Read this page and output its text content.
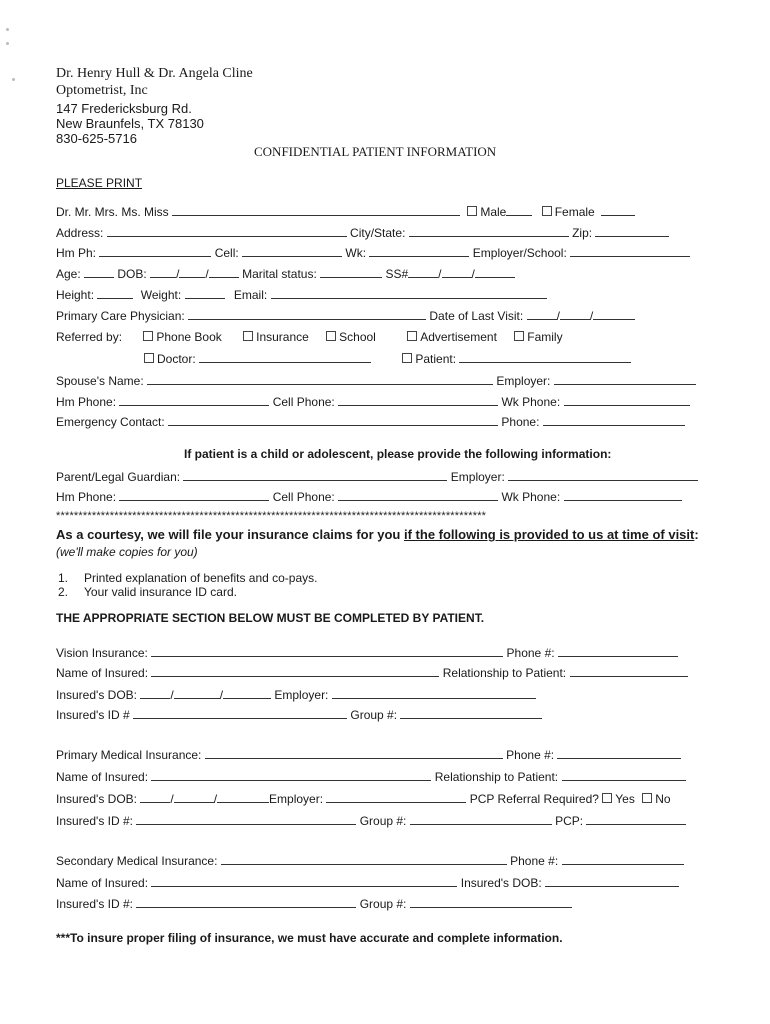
Dr. Henry Hull & Dr. Angela Cline
Optometrist, Inc
147 Fredericksburg Rd.
New Braunfels, TX 78130
830-625-5716
CONFIDENTIAL PATIENT INFORMATION
PLEASE PRINT
Dr. Mr. Mrs. Ms. Miss	Male	Female
Address:	City/State:	Zip:
Hm Ph:	Cell:	Wk:	Employer/School:
Age:	DOB: / /	Marital status:	SS#	/	/
Height:	Weight:	Email:
Primary Care Physician:	Date of Last Visit:	/	/
Referred by:	Phone Book	Insurance	School	Advertisement	Family
Doctor:	Patient:
Spouse's Name:	Employer:
Hm Phone:	Cell Phone:	Wk Phone:
Emergency Contact:	Phone:
If patient is a child or adolescent, please provide the following information:
Parent/Legal Guardian:	Employer:
Hm Phone:	Cell Phone:	Wk Phone:
************************************************************************************************
As a courtesy, we will file your insurance claims for you if the following is provided to us at time of visit:
(we'll make copies for you)
1. Printed explanation of benefits and co-pays.
2. Your valid insurance ID card.
THE APPROPRIATE SECTION BELOW MUST BE COMPLETED BY PATIENT.
Vision Insurance:	Phone #:
Name of Insured:	Relationship to Patient:
Insured's DOB:	/	/	Employer:
Insured's ID #	Group #:
Primary Medical Insurance:	Phone #:
Name of Insured:	Relationship to Patient:
Insured's DOB:	/	/	Employer:	PCP Referral Required? Yes No
Insured's ID #:	Group #:	PCP:
Secondary Medical Insurance:	Phone #:
Name of Insured:	Insured's DOB:
Insured's ID #:	Group #:
***To insure proper filing of insurance, we must have accurate and complete information.
